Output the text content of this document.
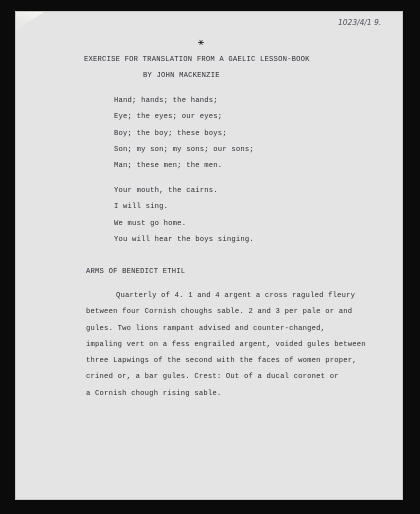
1023/4/1 9.
⚹
EXERCISE FOR TRANSLATION FROM A GAELIC LESSON-BOOK
BY JOHN MACKENZIE
Hand; hands; the hands;
Eye; the eyes; our eyes;
Boy; the boy; these boys;
Son; my son; my sons; our sons;
Man; these men; the men.
Your mouth, the cairns.
I will sing.
We must go home.
You will hear the boys singing.
ARMS OF BENEDICT ETHIL
Quarterly of 4. 1 and 4 argent a cross raguled fleury
between four Cornish choughs sable. 2 and 3 per pale or and
gules. Two lions rampant advised and counter-changed,
impaling vert on a fess engrailed argent, voided gules between
three Lapwings of the second with the faces of women proper,
crined or, a bar gules. Crest: Out of a ducal coronet or
a Cornish chough rising sable.
